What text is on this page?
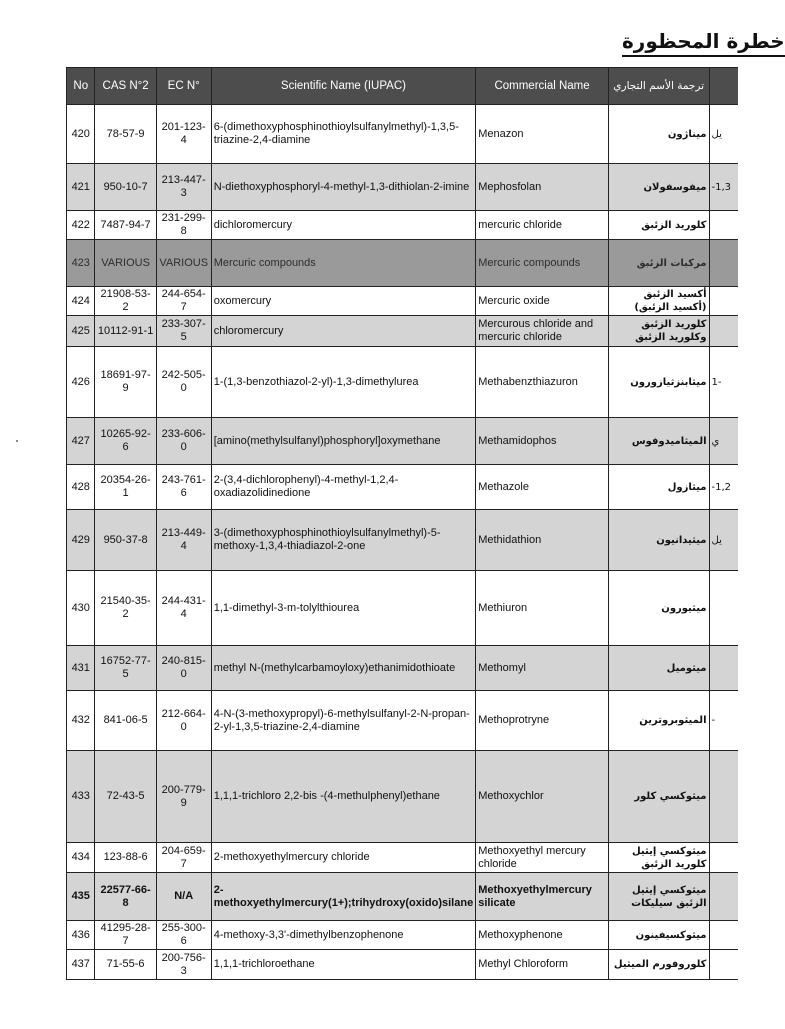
خطرة المحظورة
No	CAS N°2	EC N°	Scientific Name (IUPAC)	Commercial Name	ترجمة الأسم التجاري	
420	78-57-9	201-123-4	6-(dimethoxyphosphinothioylsulfanylmethyl)-1,3,5-triazine-2,4-diamine	Menazon	ميناژون	يل
421	950-10-7	213-447-3	N-diethoxyphosphoryl-4-methyl-1,3-dithiolan-2-imine	Mephosfolan	ميفوسفولان	-1,3
422	7487-94-7	231-299-8	dichloromercury	mercuric chloride	كلوريد الزئبق	
423	VARIOUS	VARIOUS	Mercuric compounds	Mercuric compounds	مركبات الزئبق	
424	21908-53-2	244-654-7	oxomercury	Mercuric oxide	أكسيد الزئبق (أكسيد الزئبق)	
425	10112-91-1	233-307-5	chloromercury	Mercurous chloride and mercuric chloride	كلوريد الزئبق وكلوريد الزئبق	
426	18691-97-9	242-505-0	1-(1,3-benzothiazol-2-yl)-1,3-dimethylurea	Methabenzthiazuron	ميثابنزثيازورون	1-
427	10265-92-6	233-606-0	[amino(methylsulfanyl)phosphoryl]oxymethane	Methamidophos	الميثاميدوفوس	ي
428	20354-26-1	243-761-6	2-(3,4-dichlorophenyl)-4-methyl-1,2,4-oxadiazolidinedione	Methazole	ميثازول	-1,2
429	950-37-8	213-449-4	3-(dimethoxyphosphinothioylsulfanylmethyl)-5-methoxy-1,3,4-thiadiazol-2-one	Methidathion	ميثيدانيون	يل
430	21540-35-2	244-431-4	1,1-dimethyl-3-m-tolylthiourea	Methiuron	ميثيورون	
431	16752-77-5	240-815-0	methyl N-(methylcarbamoyloxy)ethanimidothioate	Methomyl	ميثوميل	
432	841-06-5	212-664-0	4-N-(3-methoxypropyl)-6-methylsulfanyl-2-N-propan-2-yl-1,3,5-triazine-2,4-diamine	Methoprotryne	الميثوبروترين	-
433	72-43-5	200-779-9	1,1,1-trichloro 2,2-bis -(4-methulphenyl)ethane	Methoxychlor	ميثوكسي كلور	
434	123-88-6	204-659-7	2-methoxyethylmercury chloride	Methoxyethyl mercury chloride	ميثوكسي إيثيل كلوريد الزئبق	
435	22577-66-8	N/A	2-methoxyethylmercury(1+);trihydroxy(oxido)silane	Methoxyethylmercury silicate	ميثوكسي إيثيل الزئبق سيليكات	
436	41295-28-7	255-300-6	4-methoxy-3,3'-dimethylbenzophenone	Methoxyphenone	ميثوكسيفينون	
437	71-55-6	200-756-3	1,1,1-trichloroethane	Methyl Chloroform	كلوروفورم الميثيل	
